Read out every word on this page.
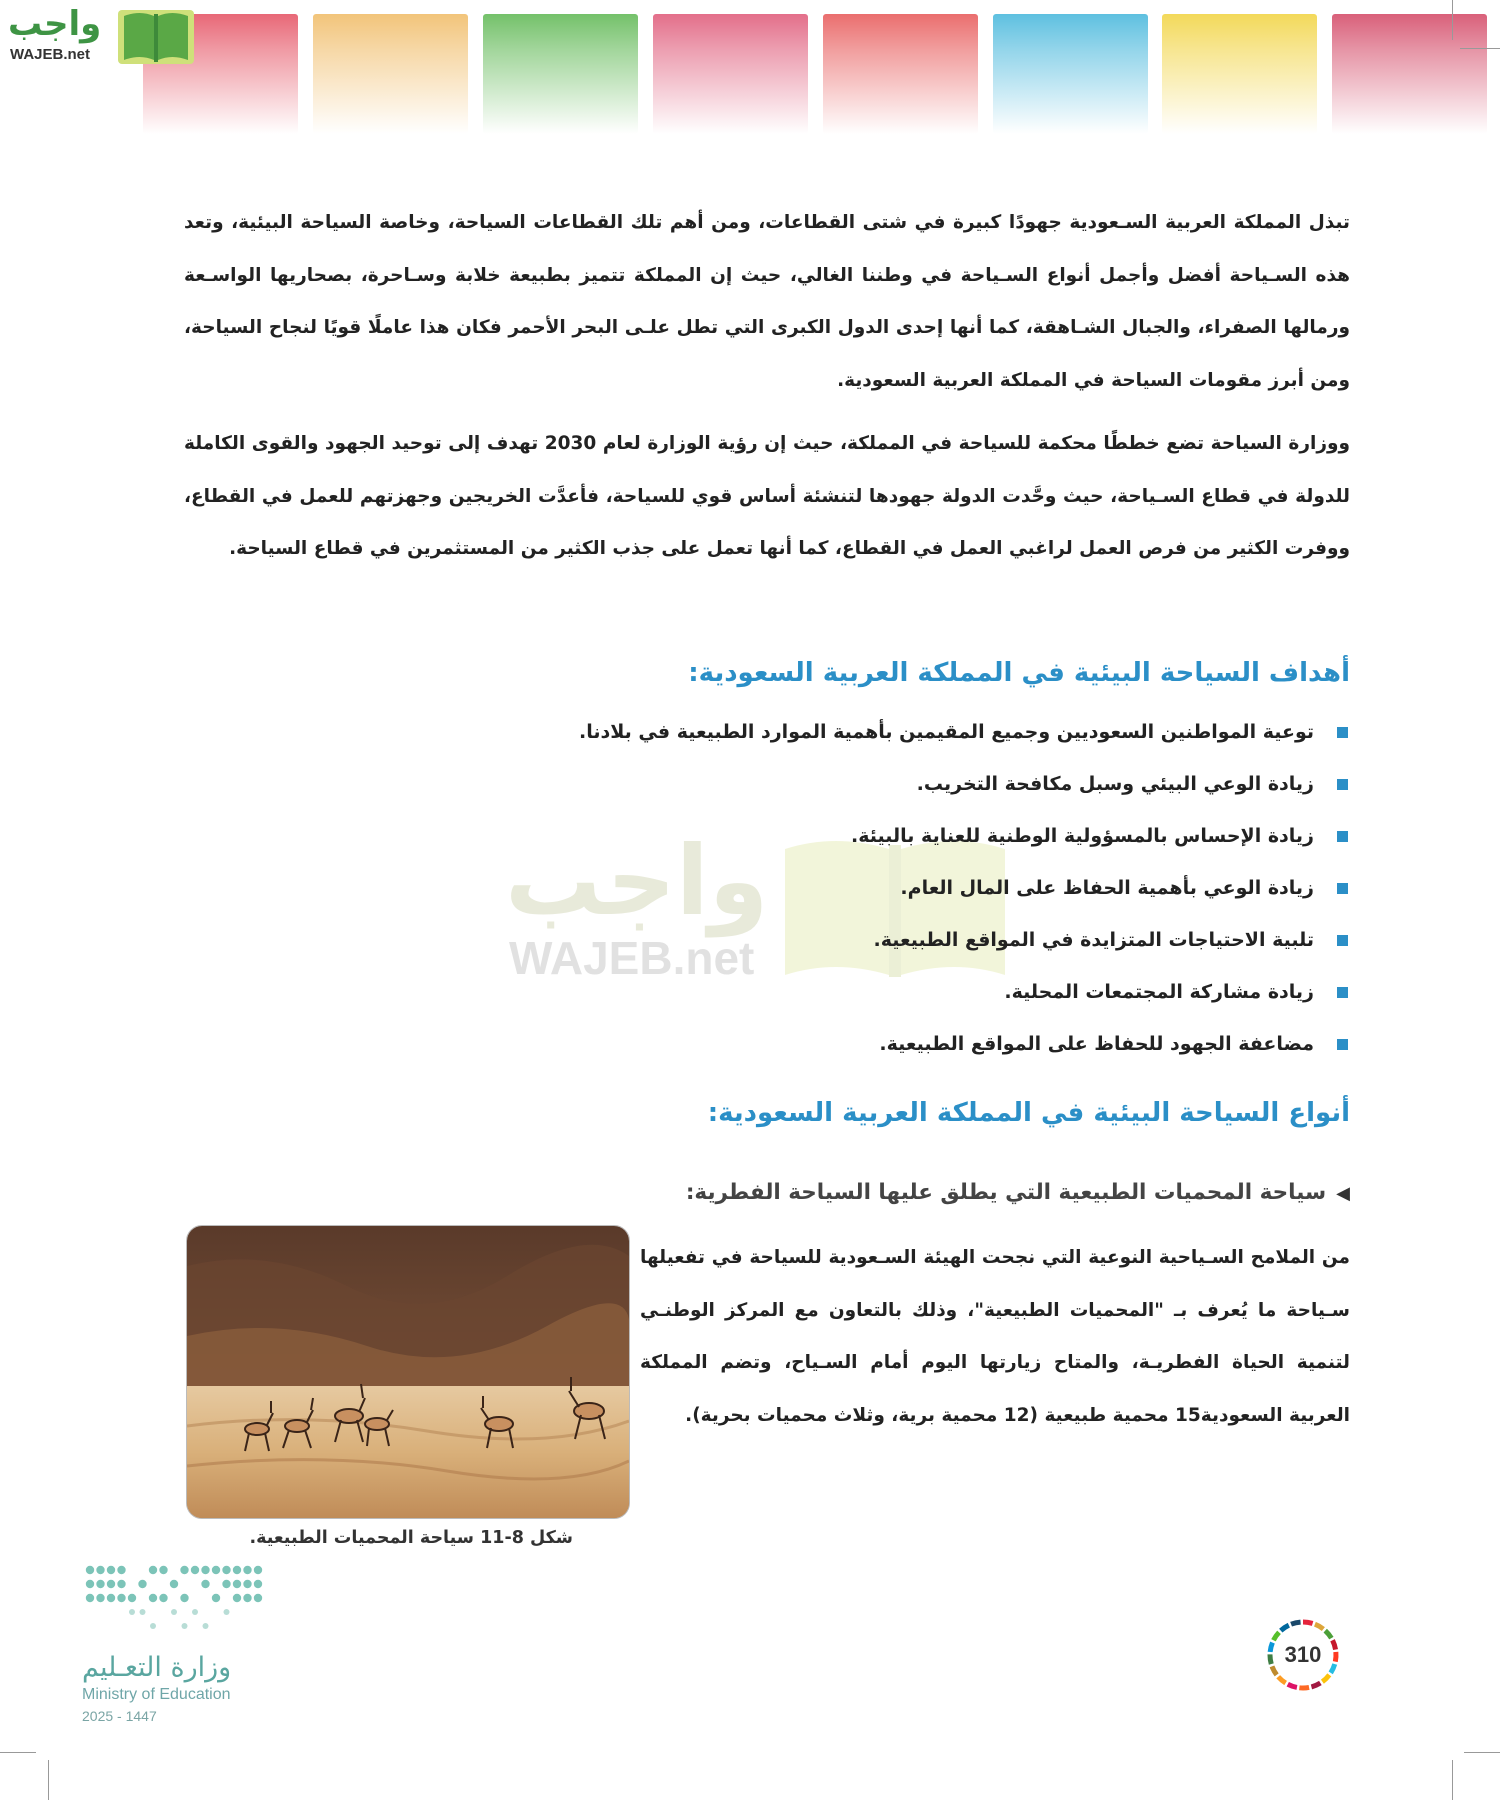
واجب
WAJEB.net

تبذل المملكة العربية السـعودية جهودًا كبيرة في شتى القطاعات، ومن أهم تلك القطاعات السياحة، وخاصة السياحة البيئية، وتعد هذه السـياحة أفضل وأجمل أنواع السـياحة في وطننا الغالي، حيث إن المملكة تتميز بطبيعة خلابة وسـاحرة، بصحاريها الواسـعة ورمالها الصفراء، والجبال الشـاهقة، كما أنها إحدى الدول الكبرى التي تطل علـى البحر الأحمر فكان هذا عاملًا قويًا لنجاح السياحة، ومن أبرز مقومات السياحة في المملكة العربية السعودية.

ووزارة السياحة تضع خططًا محكمة للسياحة في المملكة، حيث إن رؤية الوزارة لعام 2030 تهدف إلى توحيد الجهود والقوى الكاملة للدولة في قطاع السـياحة، حيث وحَّدت الدولة جهودها لتنشئة أساس قوي للسياحة، فأعدَّت الخريجين وجهزتهم للعمل في القطاع، ووفرت الكثير من فرص العمل لراغبي العمل في القطاع، كما أنها تعمل على جذب الكثير من المستثمرين في قطاع السياحة.

واجب
WAJEB.net
أهداف السياحة البيئية في المملكة العربية السعودية:
توعية المواطنين السعوديين وجميع المقيمين بأهمية الموارد الطبيعية في بلادنا.
زيادة الوعي البيئي وسبل مكافحة التخريب.
زيادة الإحساس بالمسؤولية الوطنية للعناية بالبيئة.
زيادة الوعي بأهمية الحفاظ على المال العام.
تلبية الاحتياجات المتزايدة في المواقع الطبيعية.
زيادة مشاركة المجتمعات المحلية.
مضاعفة الجهود للحفاظ على المواقع الطبيعية.
أنواع السياحة البيئية في المملكة العربية السعودية:
◀سياحة المحميات الطبيعية التي يطلق عليها السياحة الفطرية:

من الملامح السـياحية النوعية التي نجحت الهيئة السـعودية للسياحة في تفعيلها سـياحة ما يُعرف بـ "المحميات الطبيعية"، وذلك بالتعاون مع المركز الوطنـي لتنمية الحياة الفطريـة، والمتاح زيارتها اليوم أمام السـياح، وتضم المملكة العربية السعودية15 محمية طبيعية (12 محمية برية، وثلاث محميات بحرية).

شكل 8-11 سياحة المحميات الطبيعية.
وزارة التعـليم
Ministry of Education
2025 - 1447
310
